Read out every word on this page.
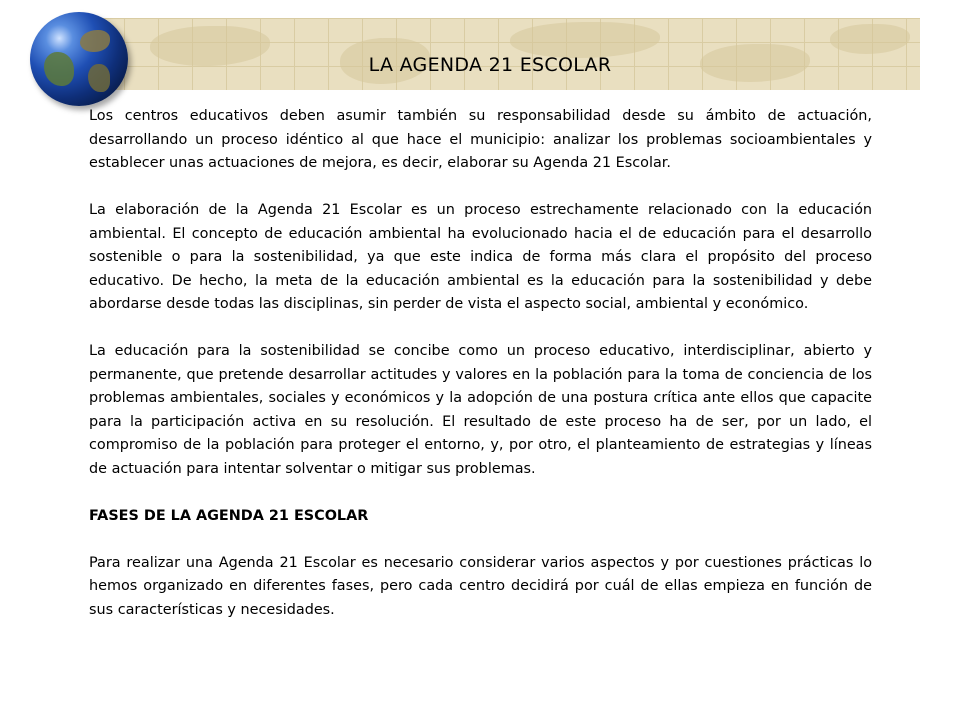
LA AGENDA 21 ESCOLAR

Los centros educativos deben asumir también su responsabilidad desde su ámbito de actuación, desarrollando un proceso idéntico al que hace el municipio: analizar los problemas socioambientales y establecer unas actuaciones de mejora, es decir, elaborar su Agenda 21 Escolar.

La elaboración de la Agenda 21 Escolar es un proceso estrechamente relacionado con la educación ambiental. El concepto de educación ambiental ha evolucionado hacia el de educación para el desarrollo sostenible o para la sostenibilidad, ya que este indica de forma más clara el propósito del proceso educativo. De hecho, la meta de la educación ambiental es la educación para la sostenibilidad y debe abordarse desde todas las disciplinas, sin perder de vista el aspecto social, ambiental y económico.

La educación para la sostenibilidad se concibe como un proceso educativo, interdisciplinar, abierto y permanente, que pretende desarrollar actitudes y valores en la población para la toma de conciencia de los problemas ambientales, sociales y económicos y la adopción de una postura crítica ante ellos que capacite para la participación activa en su resolución. El resultado de este proceso ha de ser, por un lado, el compromiso de la población para proteger el entorno, y, por otro, el planteamiento de estrategias y líneas de actuación para intentar solventar o mitigar sus problemas.

FASES DE LA AGENDA 21 ESCOLAR

Para realizar una Agenda 21 Escolar es necesario considerar varios aspectos y por cuestiones prácticas lo hemos organizado en diferentes fases, pero cada centro decidirá por cuál de ellas empieza en función de sus características y necesidades.
